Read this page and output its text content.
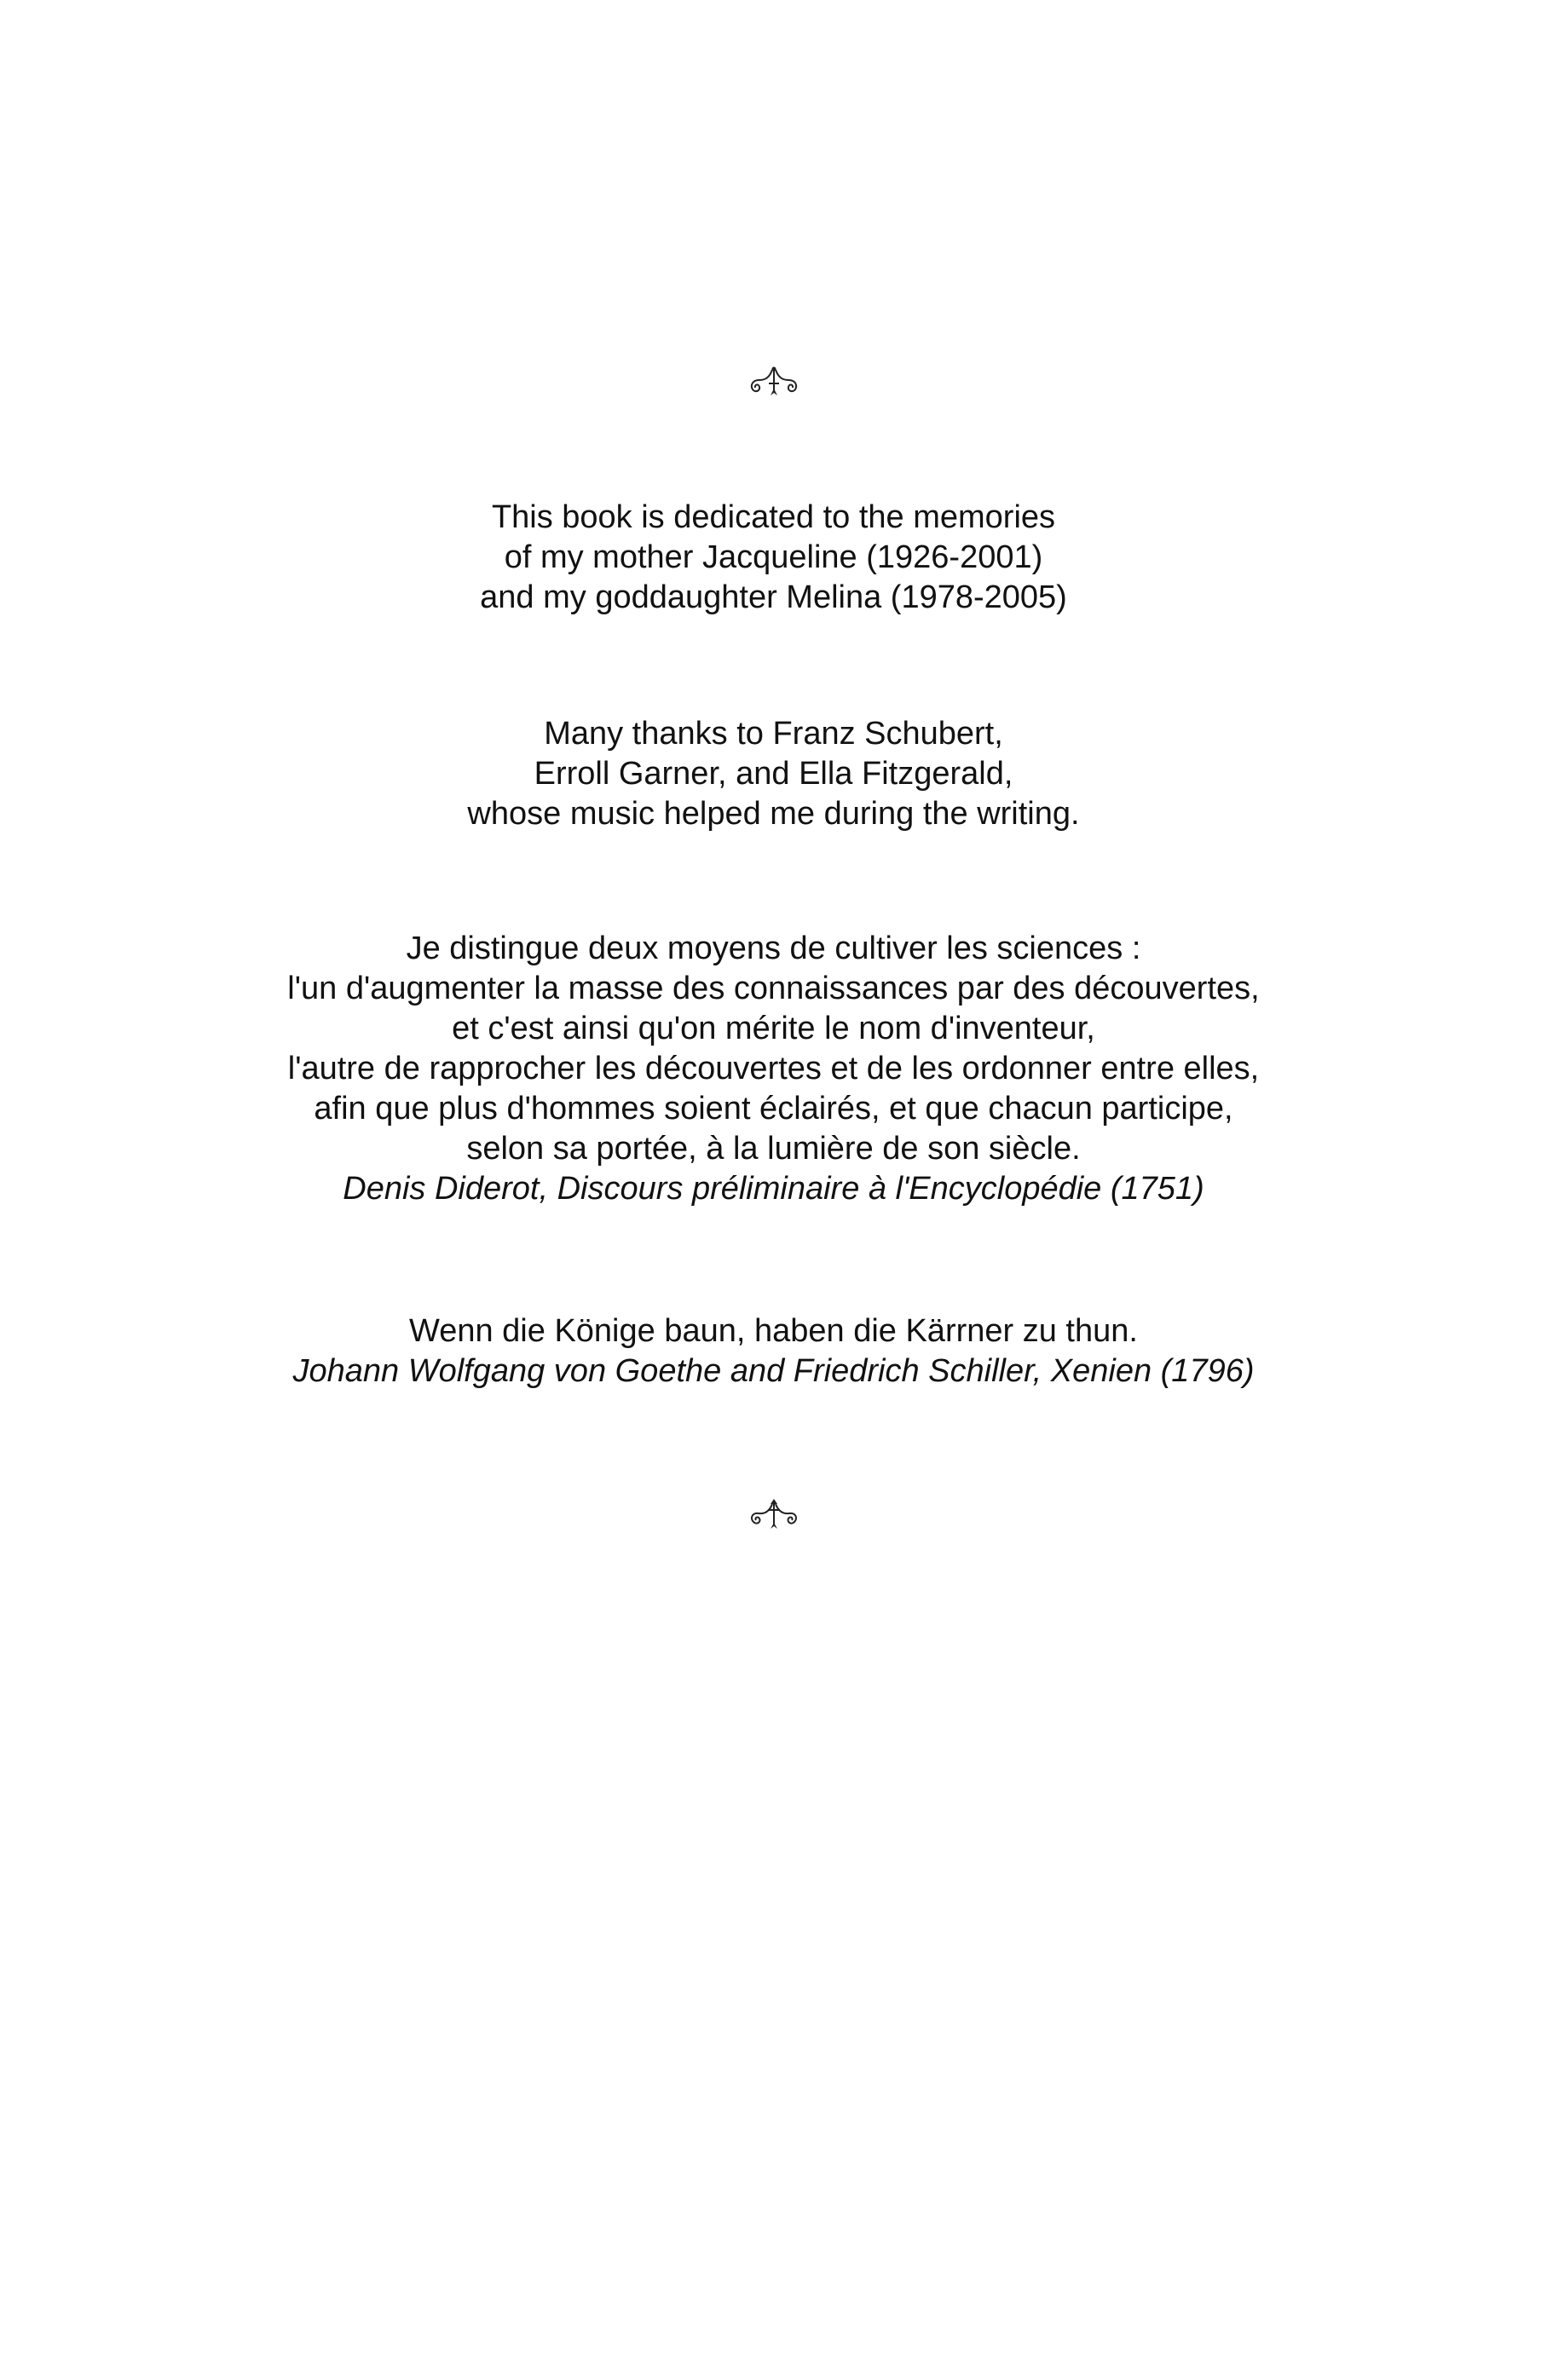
This book is dedicated to the memories
of my mother Jacqueline (1926-2001)
and my goddaughter Melina (1978-2005)
Many thanks to Franz Schubert,
Erroll Garner, and Ella Fitzgerald,
whose music helped me during the writing.
Je distingue deux moyens de cultiver les sciences :
l'un d'augmenter la masse des connaissances par des découvertes,
et c'est ainsi qu'on mérite le nom d'inventeur,
l'autre de rapprocher les découvertes et de les ordonner entre elles,
afin que plus d'hommes soient éclairés, et que chacun participe,
selon sa portée, à la lumière de son siècle.
Denis Diderot, Discours préliminaire à l'Encyclopédie (1751)
Wenn die Könige baun, haben die Kärrner zu thun.
Johann Wolfgang von Goethe and Friedrich Schiller, Xenien (1796)
